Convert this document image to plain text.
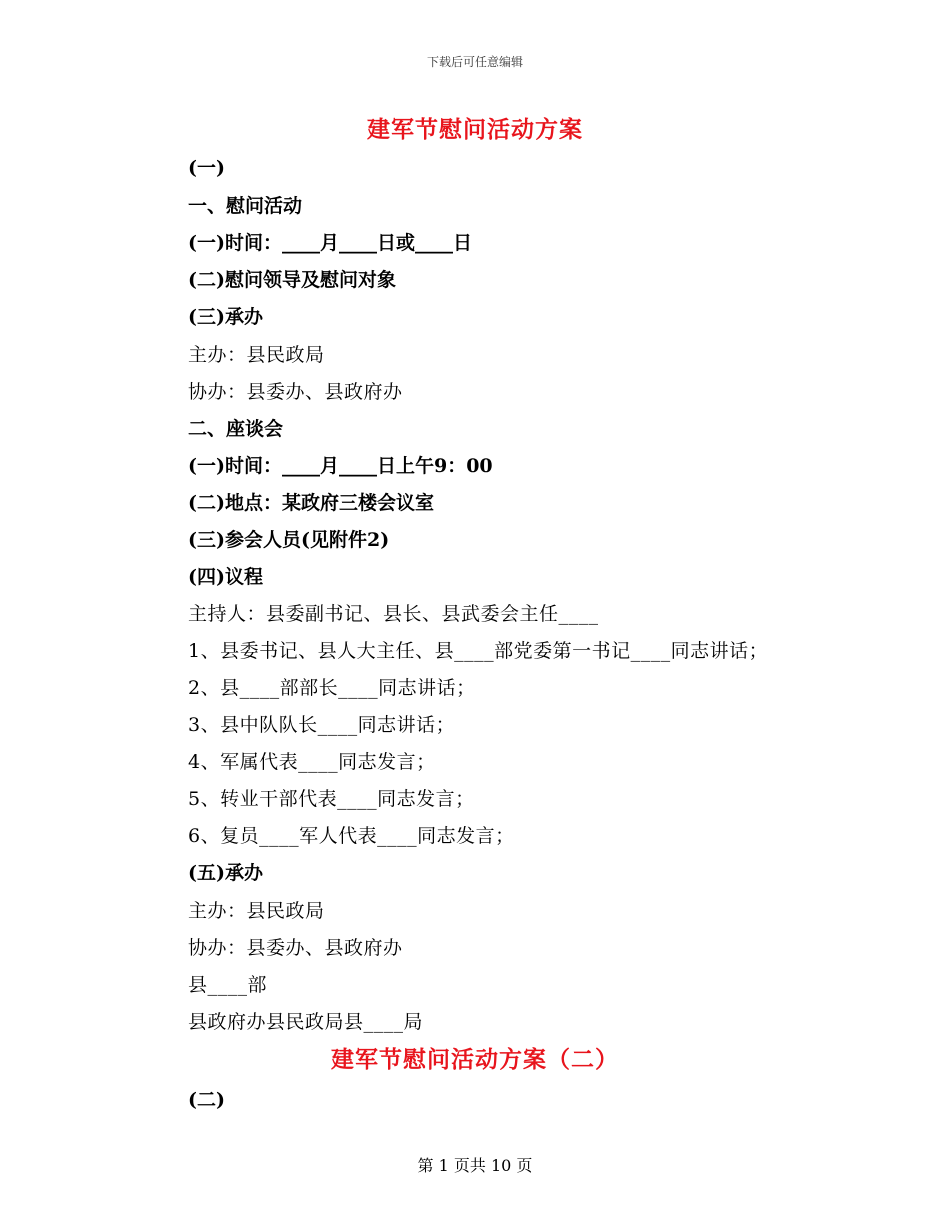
下载后可任意编辑
建军节慰问活动方案
(一)
一、慰问活动
(一)时间：____月____日或____日
(二)慰问领导及慰问对象
(三)承办
主办：县民政局
协办：县委办、县政府办
二、座谈会
(一)时间：____月____日上午9：00
(二)地点：某政府三楼会议室
(三)参会人员(见附件2)
(四)议程
主持人：县委副书记、县长、县武委会主任____
1、县委书记、县人大主任、县____部党委第一书记____同志讲话；
2、县____部部长____同志讲话；
3、县中队队长____同志讲话；
4、军属代表____同志发言；
5、转业干部代表____同志发言；
6、复员____军人代表____同志发言；
(五)承办
主办：县民政局
协办：县委办、县政府办
县____部
县政府办县民政局县____局
建军节慰问活动方案（二）
(二)
第 1 页共 10 页
